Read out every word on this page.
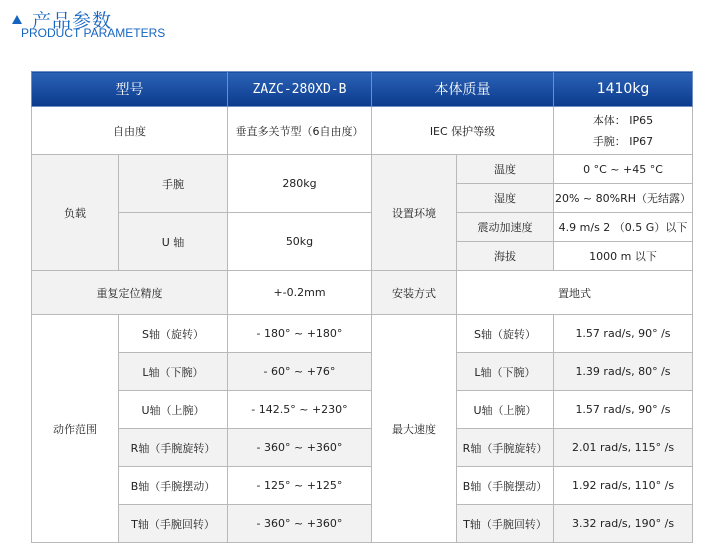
产品参数
PRODUCT PARAMETERS
型号		ZAZC-280XD-B	本体质量		1410kg
自由度		垂直多关节型（6自由度）	IEC 保护等级		本体： IP65
手腕： IP67

负载	手腕	280kg	设置环境	温度	0 °C ~ +45 °C
				湿度	20% ~ 80%RH（无结露）
	U 轴	50kg		震动加速度	4.9 m/s 2 （0.5 G）以下
				海拔	1000 m 以下
重复定位精度		+-0.2mm	安装方式	置地式	
动作范围	S轴（旋转）	- 180° ~ +180°	最大速度	S轴（旋转）	1.57 rad/s, 90° /s
	L轴（下腕）	- 60° ~ +76°		L轴（下腕）	1.39 rad/s, 80° /s
	U轴（上腕）	- 142.5° ~ +230°		U轴（上腕）	1.57 rad/s, 90° /s
	R轴（手腕旋转）	- 360° ~ +360°		R轴（手腕旋转）	2.01 rad/s, 115° /s
	B轴（手腕摆动）	- 125° ~ +125°		B轴（手腕摆动）	1.92 rad/s, 110° /s
	T轴（手腕回转）	- 360° ~ +360°		T轴（手腕回转）	3.32 rad/s, 190° /s
